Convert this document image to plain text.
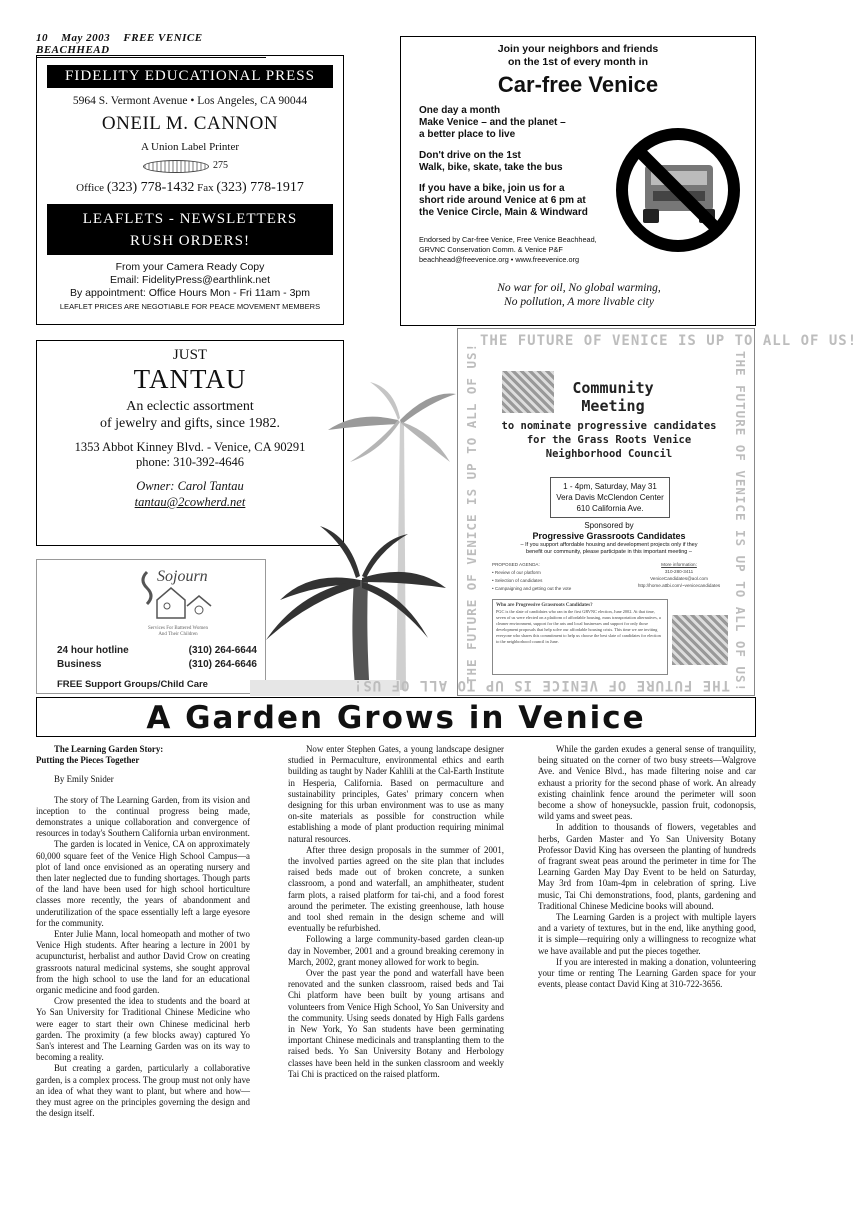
10 May 2003 FREE VENICE BEACHHEAD
FIDELITY EDUCATIONAL PRESS
5964 S. Vermont Avenue • Los Angeles, CA 90044
ONEIL M. CANNON
A Union Label Printer
275
Office (323) 778-1432 Fax (323) 778-1917
LEAFLETS - NEWSLETTERS
RUSH ORDERS!
From your Camera Ready Copy
Email: FidelityPress@earthlink.net
By appointment: Office Hours Mon - Fri 11am - 3pm
LEAFLET PRICES ARE NEGOTIABLE FOR PEACE MOVEMENT MEMBERS
Join your neighbors and friends
on the 1st of every month in
Car-free Venice

One day a month
Make Venice – and the planet –
a better place to live

Don't drive on the 1st
Walk, bike, skate, take the bus

If you have a bike, join us for a
short ride around Venice at 6 pm at
the Venice Circle, Main & Windward

Endorsed by Car-free Venice, Free Venice Beachhead,
GRVNC Conservation Comm. & Venice P&F
beachhead@freevenice.org • www.freevenice.org
No war for oil, No global warming,
No pollution, A more livable city
JUST
TANTAU
An eclectic assortment
of jewelry and gifts, since 1982.
1353 Abbot Kinney Blvd. - Venice, CA 90291
phone: 310-392-4646
Owner: Carol Tantau
tantau@2cowherd.net
Sojourn
Services For Battered Women
And Their Children
24 hour hotline	(310) 264-6644
Business	(310) 264-6646
FREE Support Groups/Child Care
THE FUTURE OF VENICE IS UP TO ALL OF US!
THE FUTURE OF VENICE IS UP TO ALL OF US!
THE FUTURE OF VENICE IS UP TO ALL OF US!	THE FUTURE OF VENICE IS UP TO ALL OF US!
Community
Meeting
to nominate progressive candidates
for the Grass Roots Venice
Neighborhood Council
1 - 4pm, Saturday, May 31
Vera Davis McClendon Center
610 California Ave.
Sponsored by
Progressive Grassroots Candidates
– If you support affordable housing and development projects only if they
benefit our community, please participate in this important meeting –
PROPOSED AGENDA:
• Review of our platform
• Selection of candidates
• Campaigning and getting out the vote
More information:
310-280-3411
VeniceCandidates@aol.com
http://home.attbi.com/~venicecandidates
Who are Progressive Grassroots Candidates?
PGC is the slate of candidates who ran in the first GRVNC election, June 2002. At that time, seven of us were elected on a platform of affordable housing, mass transportation alternatives, a cleaner environment, support for the arts and local businesses and support for only those development proposals that help solve our affordable housing crisis. This time we are inviting everyone who shares this commitment to help us choose the best slate of candidates for election to the neighborhood council in June.
A Garden Grows in Venice

The Learning Garden Story:
Putting the Pieces Together

By Emily Snider

The story of The Learning Garden, from its vision and inception to the continual progress being made, demonstrates a unique collaboration and convergence of resources in today's Southern California urban environment.

The garden is located in Venice, CA on approximately 60,000 square feet of the Venice High School Campus—a plot of land once envisioned as an operating nursery and then later neglected due to funding shortages. Though parts of the land have been used for high school horticulture classes more recently, the years of abandonment and underutilization of the space essentially left a large eyesore for the community.

Enter Julie Mann, local homeopath and mother of two Venice High students. After hearing a lecture in 2001 by acupuncturist, herbalist and author David Crow on creating grassroots natural medicinal systems, she sought approval from the high school to use the land for an educational organic medicine and food garden.

Crow presented the idea to students and the board at Yo San University for Traditional Chinese Medicine who were eager to start their own Chinese medicinal herb garden. The proximity (a few blocks away) captured Yo San's interest and The Learning Garden was on its way to becoming a reality.

But creating a garden, particularly a collaborative garden, is a complex process. The group must not only have an idea of what they want to plant, but where and how—they must agree on the principles governing the design and the design itself.

Now enter Stephen Gates, a young landscape designer studied in Permaculture, environmental ethics and earth building as taught by Nader Kahlili at the Cal-Earth Institute in Hesperia, California. Based on permaculture and sustainability principles, Gates' primary concern when designing for this urban environment was to use as many on-site materials as possible for construction while establishing a mode of plant production requiring minimal natural resources.

After three design proposals in the summer of 2001, the involved parties agreed on the site plan that includes raised beds made out of broken concrete, a sunken classroom, a pond and waterfall, an amphitheater, student farm plots, a raised platform for tai-chi, and a food forest around the perimeter. The existing greenhouse, lath house and tool shed remain in the design scheme and will eventually be refurbished.

Following a large community-based garden clean-up day in November, 2001 and a ground breaking ceremony in March, 2002, grant money allowed for work to begin.

Over the past year the pond and waterfall have been renovated and the sunken classroom, raised beds and Tai Chi platform have been built by young artisans and volunteers from Venice High School, Yo San University and the community. Using seeds donated by High Falls gardens in New York, Yo San students have been germinating important Chinese medicinals and transplanting them to the raised beds. Yo San University Botany and Herbology classes have been held in the sunken classroom and weekly Tai Chi is practiced on the raised platform.

While the garden exudes a general sense of tranquility, being situated on the corner of two busy streets—Walgrove Ave. and Venice Blvd., has made filtering noise and car exhaust a priority for the second phase of work. An already existing chainlink fence around the perimeter will soon become a show of honeysuckle, passion fruit, codonopsis, wild yams and sweet peas.

In addition to thousands of flowers, vegetables and herbs, Garden Master and Yo San University Botany Professor David King has overseen the planting of hundreds of fragrant sweat peas around the perimeter in time for The Learning Garden May Day Event to be held on Saturday, May 3rd from 10am-4pm in celebration of spring. Live music, Tai Chi demonstrations, food, plants, gardening and Traditional Chinese Medicine books will abound.

The Learning Garden is a project with multiple layers and a variety of textures, but in the end, like anything good, it is simple—requiring only a willingness to recognize what we have available and put the pieces together.

If you are interested in making a donation, volunteering your time or renting The Learning Garden space for your events, please contact David King at 310-722-3656.
